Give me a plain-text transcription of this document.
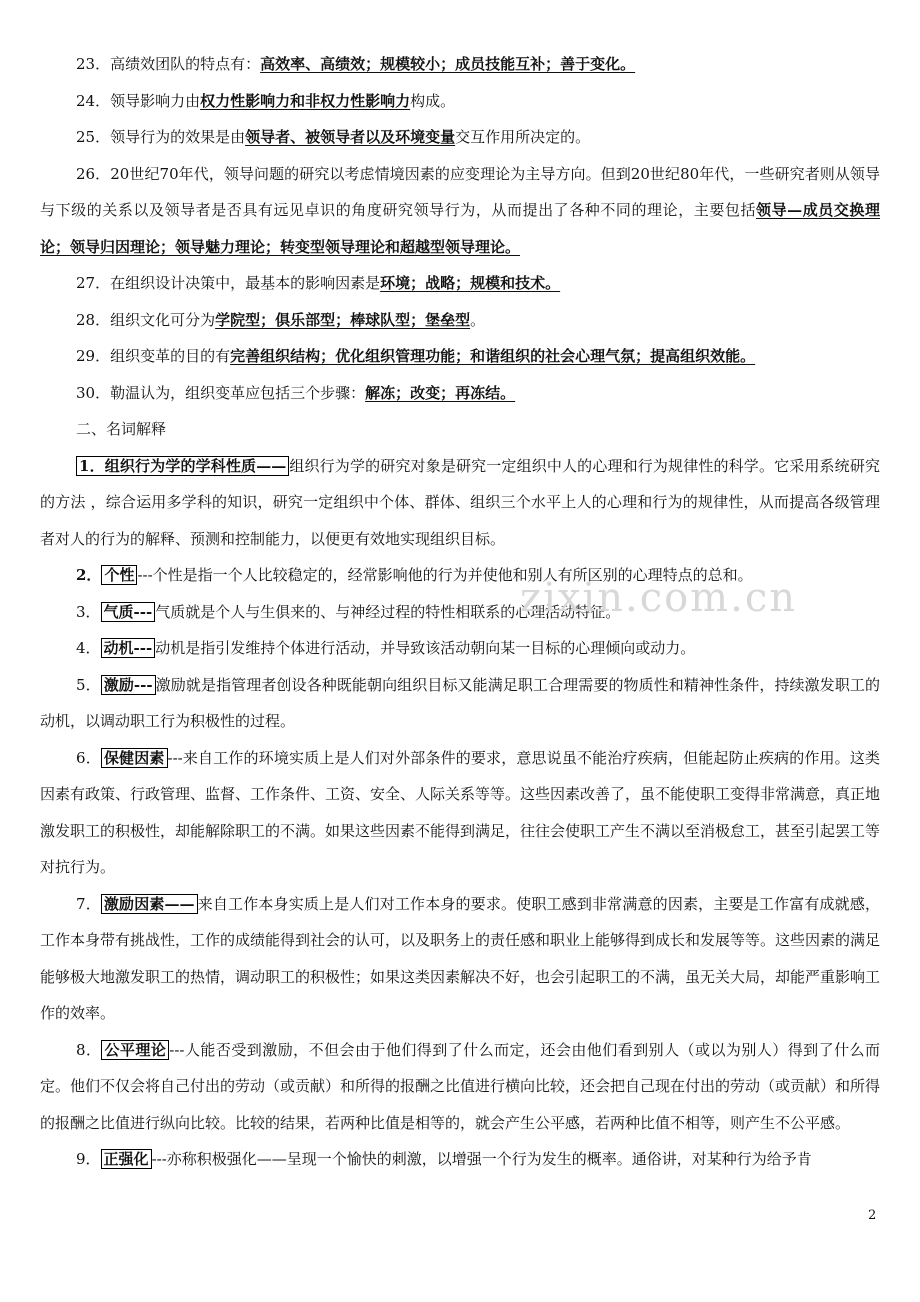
23．高绩效团队的特点有：高效率、高绩效；规模较小；成员技能互补；善于变化。

24．领导影响力由权力性影响力和非权力性影响力构成。

25．领导行为的效果是由领导者、被领导者以及环境变量交互作用所决定的。

26．20世纪70年代，领导问题的研究以考虑情境因素的应变理论为主导方向。但到20世纪80年代，一些研究者则从领导与下级的关系以及领导者是否具有远见卓识的角度研究领导行为，从而提出了各种不同的理论，主要包括领导—成员交换理论；领导归因理论；领导魅力理论；转变型领导理论和超越型领导理论。

27．在组织设计决策中，最基本的影响因素是环境；战略；规模和技术。

28．组织文化可分为学院型；俱乐部型；棒球队型；堡垒型。

29．组织变革的目的有完善组织结构；优化组织管理功能；和谐组织的社会心理气氛；提高组织效能。

30．勒温认为，组织变革应包括三个步骤：解冻；改变；再冻结。

二、名词解释

1．组织行为学的学科性质—— 组织行为学的研究对象是研究一定组织中人的心理和行为规律性的科学。它采用系统研究的方法 ，综合运用多学科的知识，研究一定组织中个体、群体、组织三个水平上人的心理和行为的规律性，从而提高各级管理者对人的行为的解释、预测和控制能力，以便更有效地实现组织目标。

2． 个性 ---个性是指一个人比较稳定的，经常影响他的行为并使他和别人有所区别的心理特点的总和。

3． 气质--- 气质就是个人与生俱来的、与神经过程的特性相联系的心理活动特征。

4． 动机--- 动机是指引发维持个体进行活动，并导致该活动朝向某一目标的心理倾向或动力。

5． 激励--- 激励就是指管理者创设各种既能朝向组织目标又能满足职工合理需要的物质性和精神性条件，持续激发职工的动机，以调动职工行为积极性的过程。

6． 保健因素 ---来自工作的环境实质上是人们对外部条件的要求，意思说虽不能治疗疾病，但能起防止疾病的作用。这类因素有政策、行政管理、监督、工作条件、工资、安全、人际关系等等。这些因素改善了，虽不能使职工变得非常满意，真正地激发职工的积极性，却能解除职工的不满。如果这些因素不能得到满足，往往会使职工产生不满以至消极怠工，甚至引起罢工等对抗行为。

7． 激励因素—— 来自工作本身实质上是人们对工作本身的要求。使职工感到非常满意的因素，主要是工作富有成就感，工作本身带有挑战性，工作的成绩能得到社会的认可，以及职务上的责任感和职业上能够得到成长和发展等等。这些因素的满足能够极大地激发职工的热情，调动职工的积极性；如果这类因素解决不好，也会引起职工的不满，虽无关大局，却能严重影响工作的效率。

8． 公平理论 ---人能否受到激励，不但会由于他们得到了什么而定，还会由他们看到别人（或以为别人）得到了什么而定。他们不仅会将自己付出的劳动（或贡献）和所得的报酬之比值进行横向比较，还会把自己现在付出的劳动（或贡献）和所得的报酬之比值进行纵向比较。比较的结果，若两种比值是相等的，就会产生公平感，若两种比值不相等，则产生不公平感。

9． 正强化 ---亦称积极强化——呈现一个愉快的刺激，以增强一个行为发生的概率。通俗讲，对某种行为给予肯

zixin.com.cn
2
